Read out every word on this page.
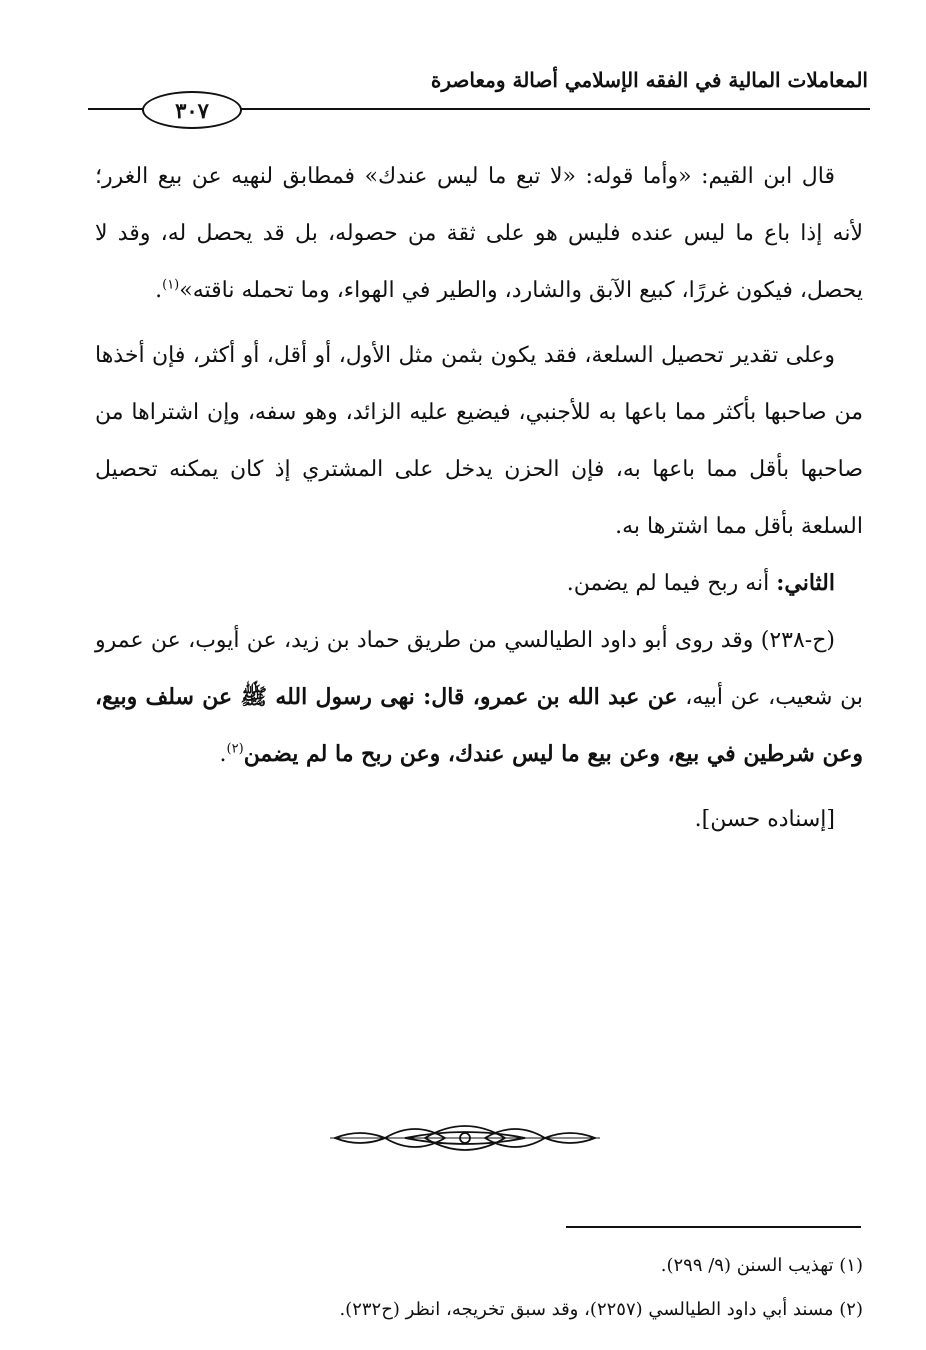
المعاملات المالية في الفقه الإسلامي أصالة ومعاصرة
٣٠٧

قال ابن القيم: «وأما قوله: «لا تبع ما ليس عندك» فمطابق لنهيه عن بيع الغرر؛ لأنه إذا باع ما ليس عنده فليس هو على ثقة من حصوله، بل قد يحصل له، وقد لا يحصل، فيكون غررًا، كبيع الآبق والشارد، والطير في الهواء، وما تحمله ناقته»$^{(١)}$.

وعلى تقدير تحصيل السلعة، فقد يكون بثمن مثل الأول، أو أقل، أو أكثر، فإن أخذها من صاحبها بأكثر مما باعها به للأجنبي، فيضيع عليه الزائد، وهو سفه، وإن اشتراها من صاحبها بأقل مما باعها به، فإن الحزن يدخل على المشتري إذ كان يمكنه تحصيل السلعة بأقل مما اشترها به.

الثاني: أنه ربح فيما لم يضمن.

(ح-٢٣٨) وقد روى أبو داود الطيالسي من طريق حماد بن زيد، عن أيوب، عن عمرو بن شعيب، عن أبيه، عن عبد الله بن عمرو، قال: نهى رسول الله ﷺ عن سلف وبيع، وعن شرطين في بيع، وعن بيع ما ليس عندك، وعن ربح ما لم يضمن$^{(٢)}$.

[إسناده حسن].

(١) تهذيب السنن (٩/ ٢٩٩).

(٢) مسند أبي داود الطيالسي (٢٢٥٧)، وقد سبق تخريجه، انظر (ح٢٣٢).
